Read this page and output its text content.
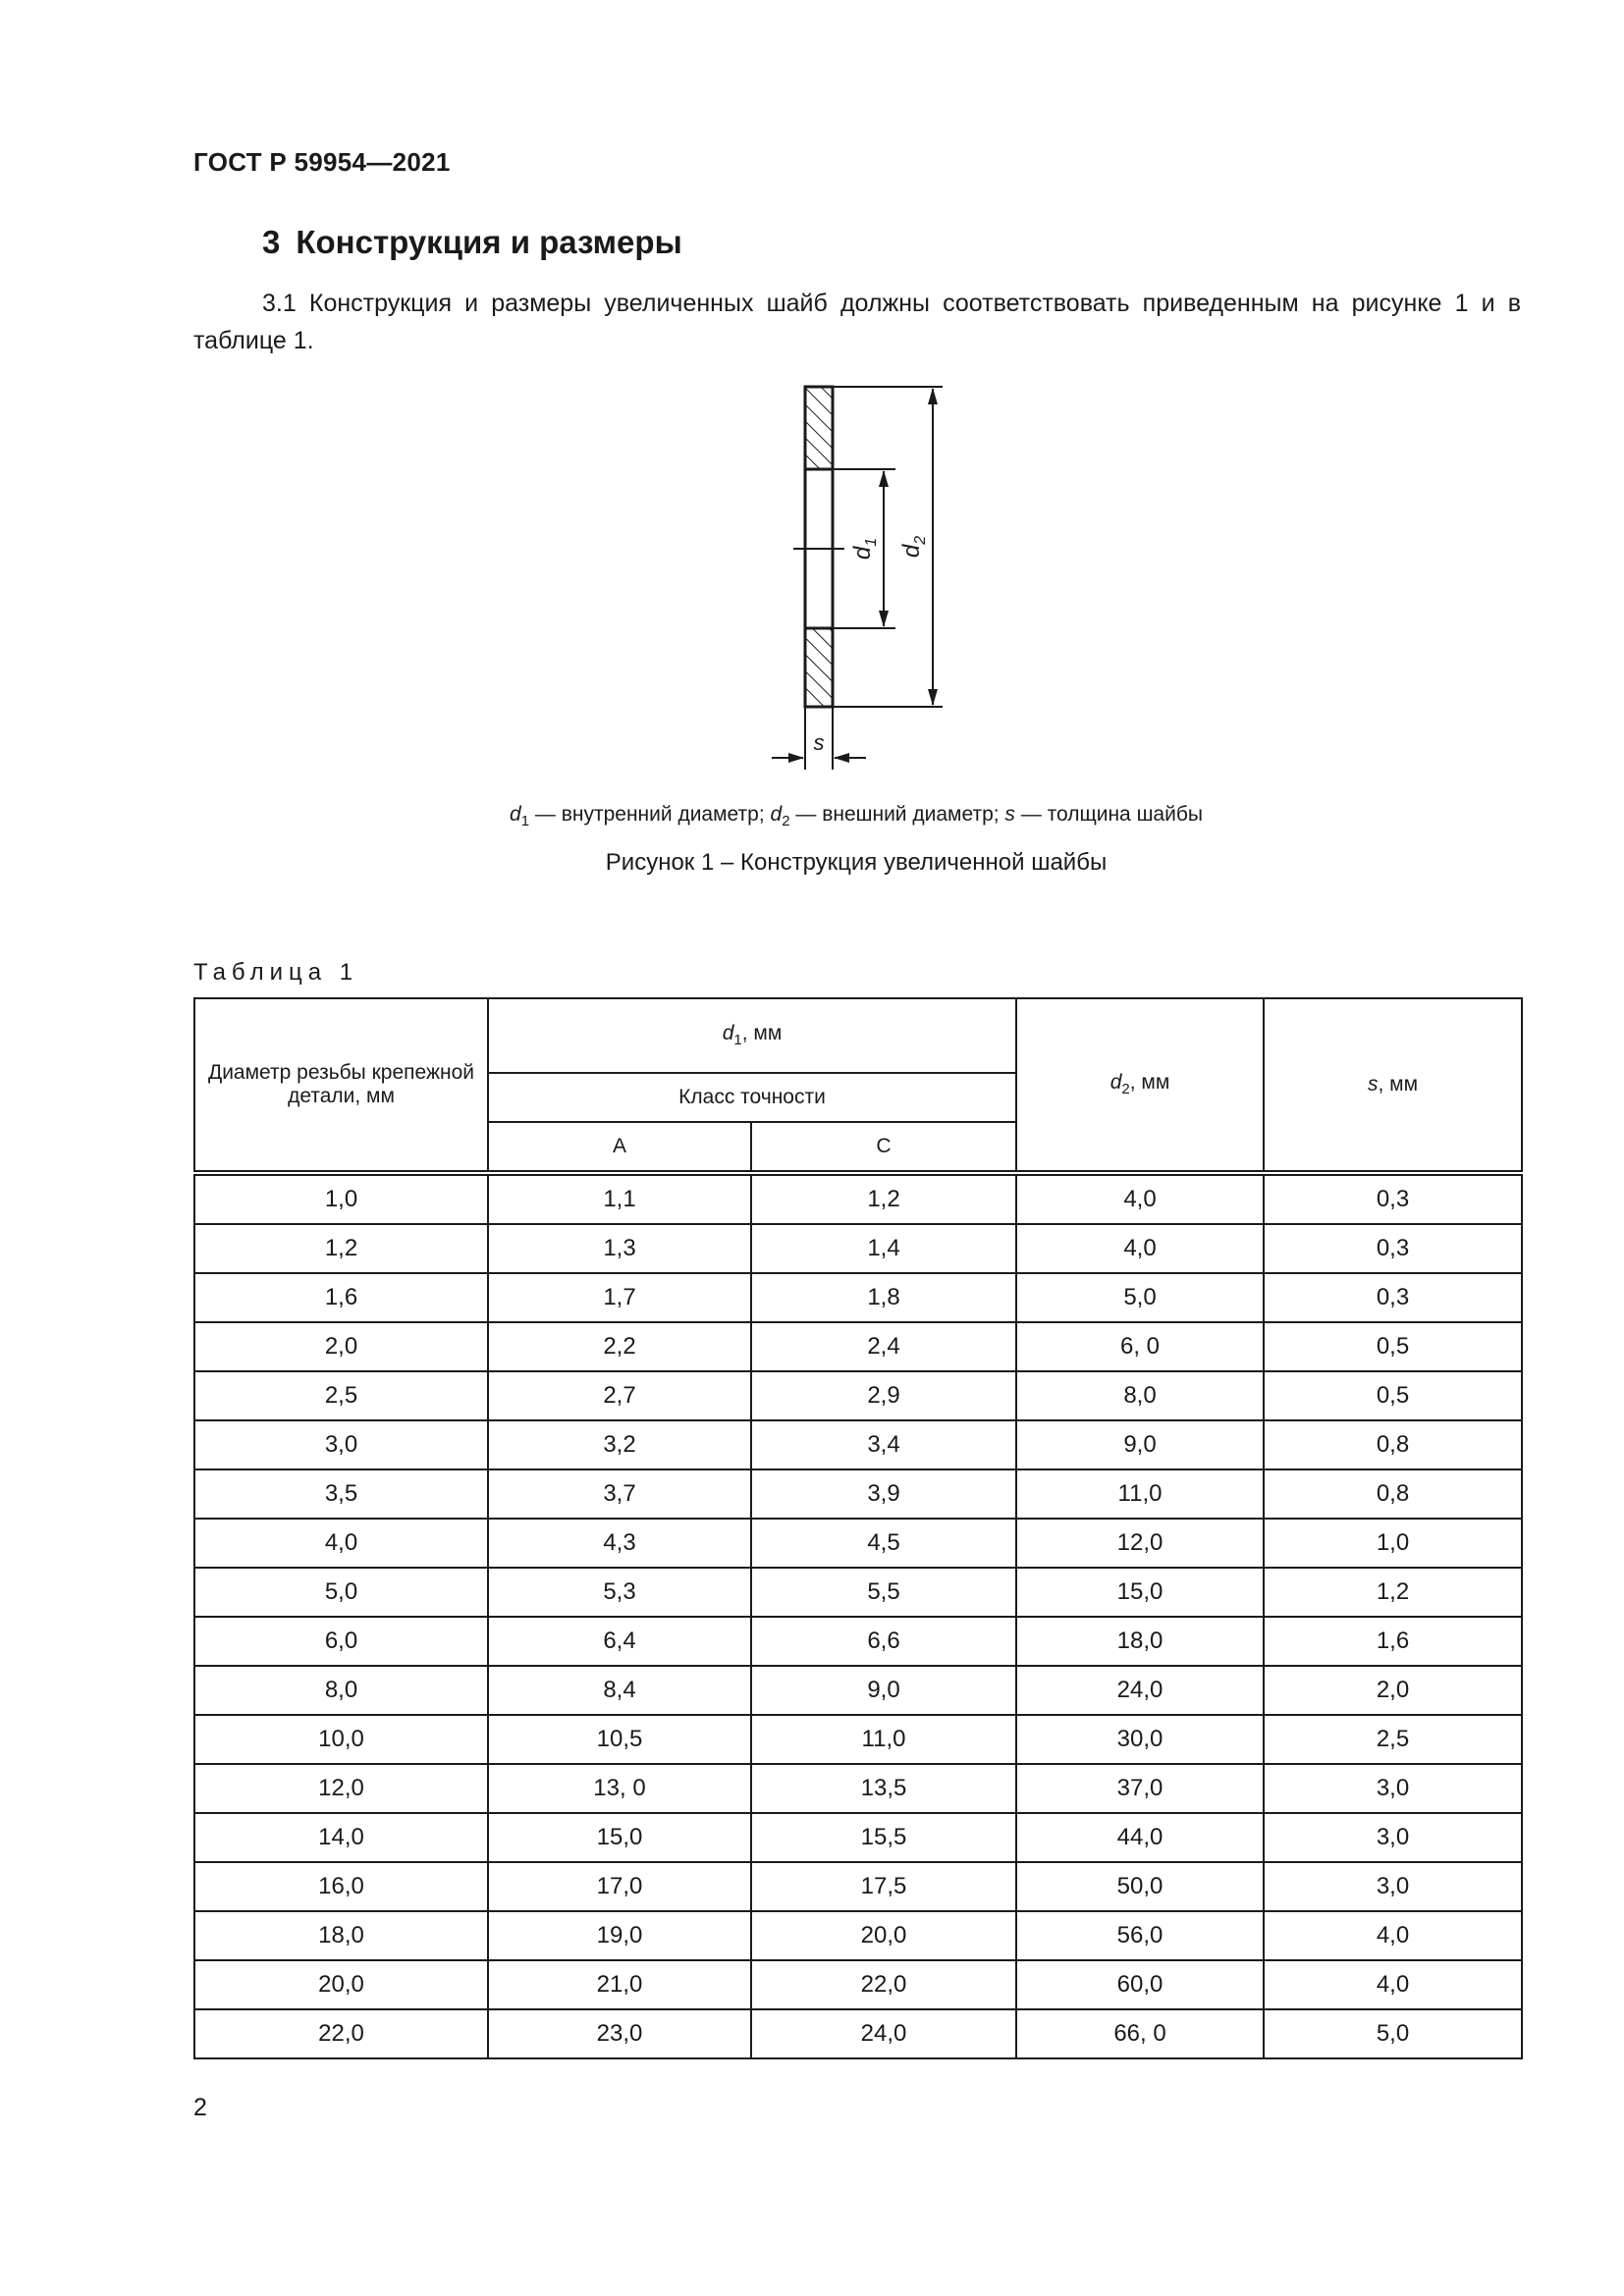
ГОСТ Р 59954—2021
3 Конструкция и размеры
3.1 Конструкция и размеры увеличенных шайб должны соответствовать приведенным на рисунке 1 и в таблице 1.
$d_1$
$d_2$
s
$d_1$ — внутренний диаметр; $d_2$ — внешний диаметр; s — толщина шайбы
Рисунок 1 – Конструкция увеличенной шайбы
Таблица 1
Диаметр резьбы крепежной детали, мм	$d_1$, мм		$d_2$, мм	s, мм
	Класс точности			
	A	C		
1,0	1,1	1,2	4,0	0,3
1,2	1,3	1,4	4,0	0,3
1,6	1,7	1,8	5,0	0,3
2,0	2,2	2,4	6, 0	0,5
2,5	2,7	2,9	8,0	0,5
3,0	3,2	3,4	9,0	0,8
3,5	3,7	3,9	11,0	0,8
4,0	4,3	4,5	12,0	1,0
5,0	5,3	5,5	15,0	1,2
6,0	6,4	6,6	18,0	1,6
8,0	8,4	9,0	24,0	2,0
10,0	10,5	11,0	30,0	2,5
12,0	13, 0	13,5	37,0	3,0
14,0	15,0	15,5	44,0	3,0
16,0	17,0	17,5	50,0	3,0
18,0	19,0	20,0	56,0	4,0
20,0	21,0	22,0	60,0	4,0
22,0	23,0	24,0	66, 0	5,0
2
